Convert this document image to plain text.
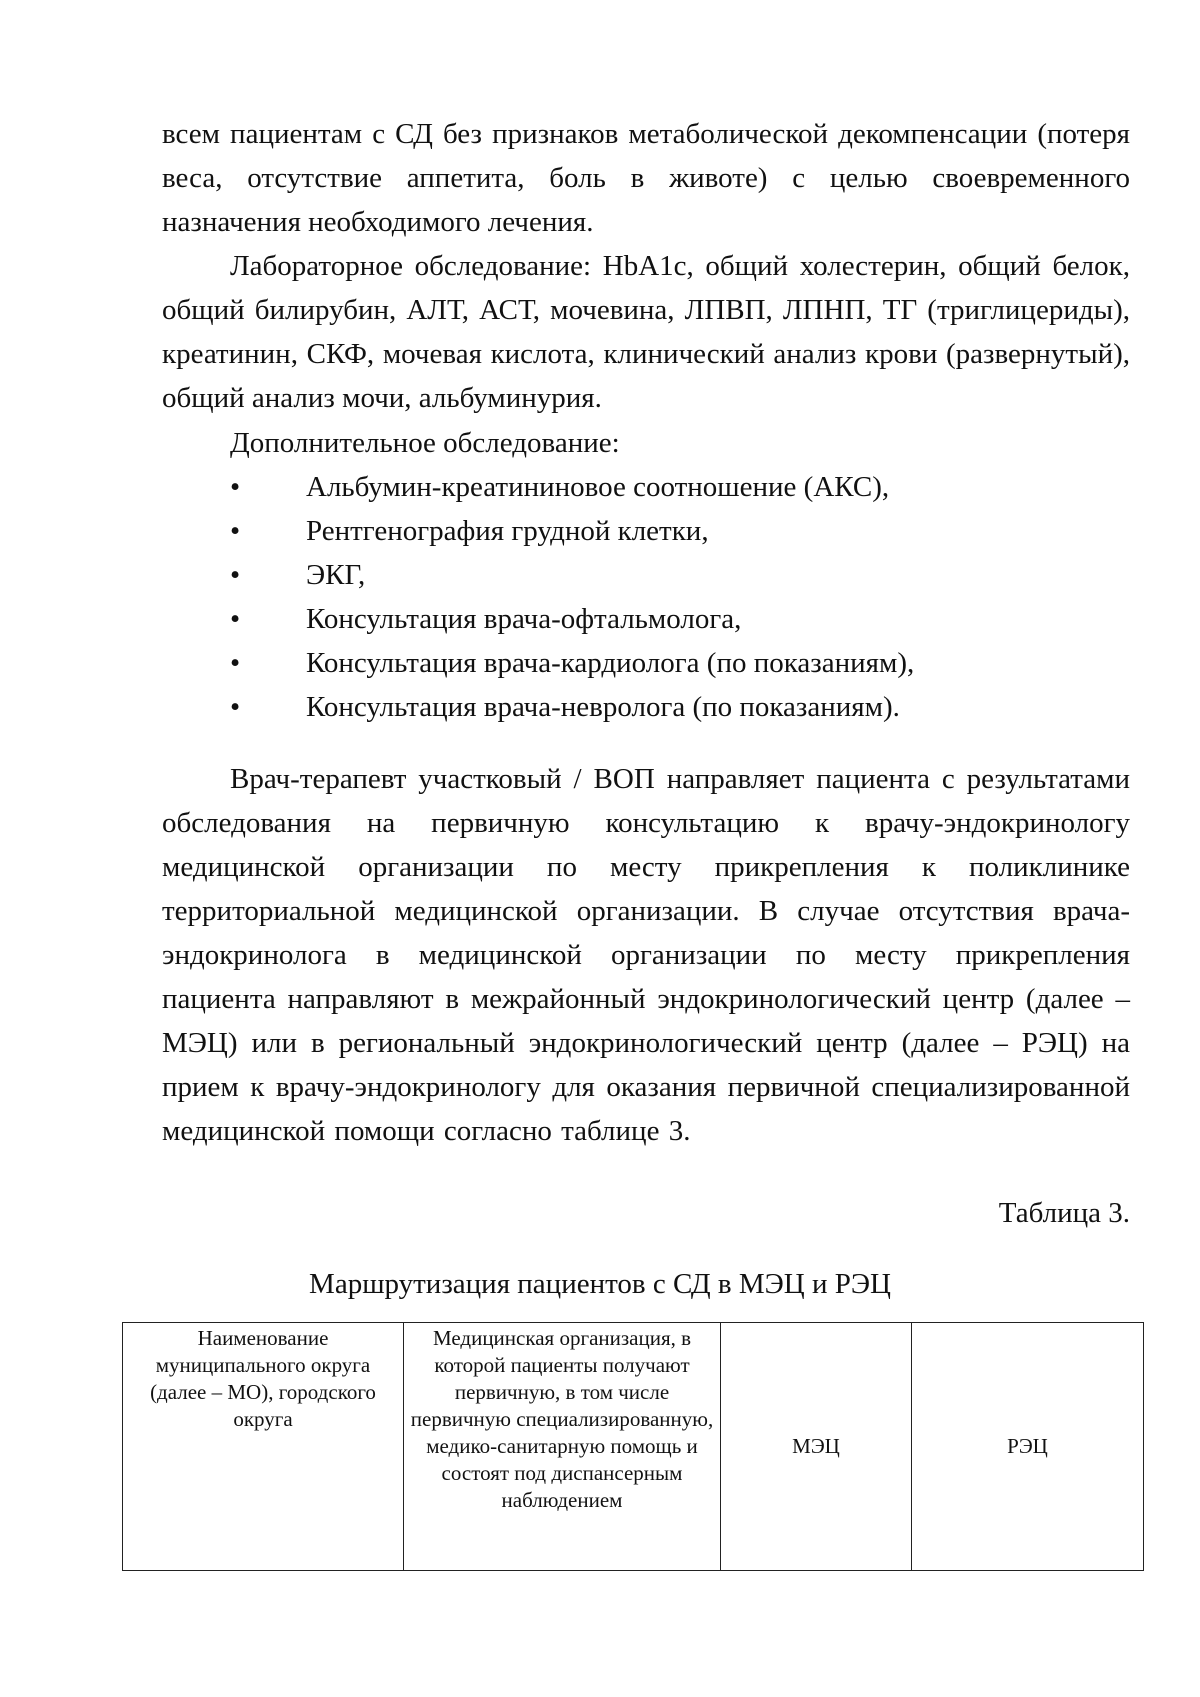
всем пациентам с СД без признаков метаболической декомпенсации (потеря веса, отсутствие аппетита, боль в животе) с целью своевременного назначения необходимого лечения.

Лабораторное обследование: HbA1c, общий холестерин, общий белок, общий билирубин, АЛТ, АСТ, мочевина, ЛПВП, ЛПНП, ТГ (триглицериды), креатинин, СКФ, мочевая кислота, клинический анализ крови (развернутый), общий анализ мочи, альбуминурия.

Дополнительное обследование:

• Альбумин-креатининовое соотношение (АКС),
• Рентгенография грудной клетки,
• ЭКГ,
• Консультация врача-офтальмолога,
• Консультация врача-кардиолога (по показаниям),
• Консультация врача-невролога (по показаниям).

Врач-терапевт участковый / ВОП направляет пациента с результатами обследования на первичную консультацию к врачу-эндокринологу медицинской организации по месту прикрепления к поликлинике территориальной медицинской организации. В случае отсутствия врача-эндокринолога в медицинской организации по месту прикрепления пациента направляют в межрайонный эндокринологический центр (далее – МЭЦ) или в региональный эндокринологический центр (далее – РЭЦ) на прием к врачу-эндокринологу для оказания первичной специализированной медицинской помощи согласно таблице 3.

Таблица 3.

Маршрутизация пациентов с СД в МЭЦ и РЭЦ

Наименование муниципального округа (далее – МО), городского округа	Медицинская организация, в которой пациенты получают первичную, в том числе первичную специализированную, медико-санитарную помощь и состоят под диспансерным наблюдением	МЭЦ	РЭЦ
